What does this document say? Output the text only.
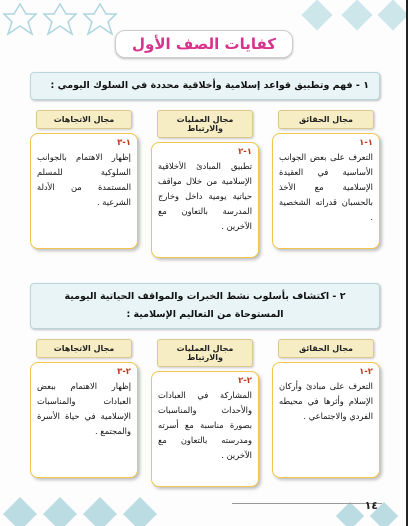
كفايات الصف الأول
١ - فهم وتطبيق قواعد إسلامية وأخلاقية محددة في السلوك اليومي :
مجال الحقائق
١-١
التعرف على بعض الجوانب الأساسية في العقيدة الإسلامية مع الأخذ بالحسبان قدراته الشخصية .
مجال العمليات والارتباط
١-٢
تطبيق المبادئ الأخلاقية الإسلامية من خلال مواقف حياتية يومية داخل وخارج المدرسة بالتعاون مع الآخرين .
مجال الاتجاهات
١-٣
إظهار الاهتمام بالجوانب السلوكية للمسلم المستمدة من الأدلة الشرعية .
٢ - اكتشاف بأسلوب نشط الخبرات والمواقف الحياتية اليومية المستوحاة من التعاليم الإسلامية :
مجال الحقائق
٢-١
التعرف على مبادئ وأركان الإسلام وأثرها في محيطه الفردي والاجتماعي .
مجال العمليات والارتباط
٢-٢
المشاركة في العبادات والأحداث والمناسبات بصورة مناسبة مع أسرته ومدرسته بالتعاون مع الآخرين .
مجال الاتجاهات
٢-٣
إظهار الاهتمام ببعض العبادات والمناسبات الإسلامية في حياة الأسرة والمجتمع .
١٤
